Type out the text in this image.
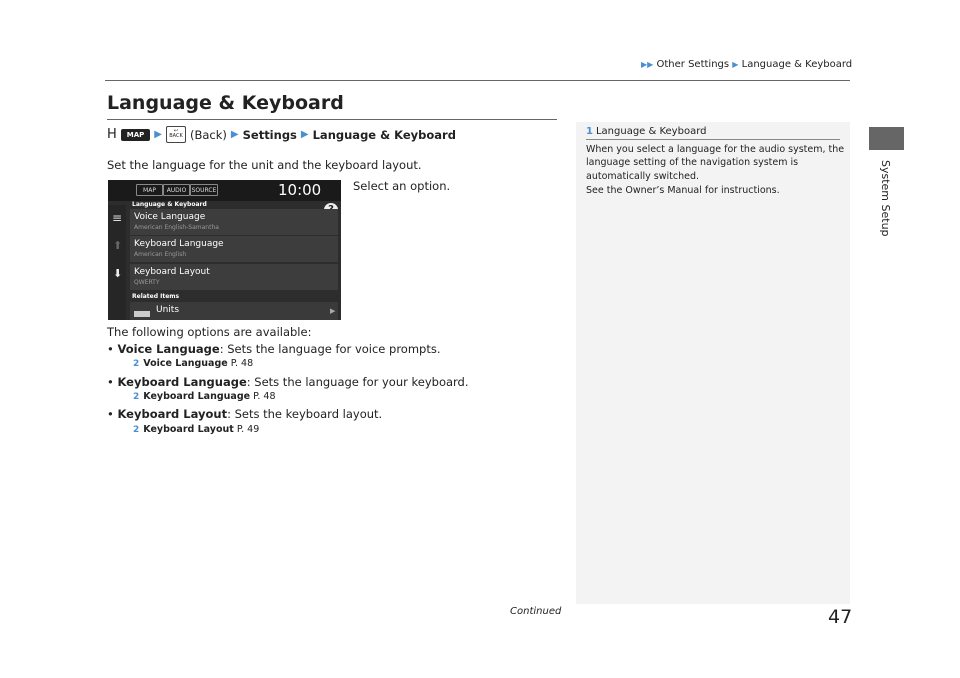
▶▶ Other Settings ▶ Language & Keyboard
System Setup
Language & Keyboard
H	MAP	▶	↩
BACK (Back) ▶ Settings ▶ Language & Keyboard
Set the language for the unit and the keyboard layout.
Select an option.
MAP	AUDIO SOURCE	10:00
Language & Keyboard
≡
⬆
⬇
Voice Language
American English-Samantha
Keyboard Language
American English
Keyboard Layout
QWERTY
Related Items
Units	▶
The following options are available:
• Voice Language: Sets the language for voice prompts.
2 Voice Language P. 48
• Keyboard Language: Sets the language for your keyboard.
2 Keyboard Language P. 48
• Keyboard Layout: Sets the keyboard layout.
2 Keyboard Layout P. 49
1 Language & Keyboard
When you select a language for the audio system, the
language setting of the navigation system is
automatically switched.
See the Owner’s Manual for instructions.
Continued	47
